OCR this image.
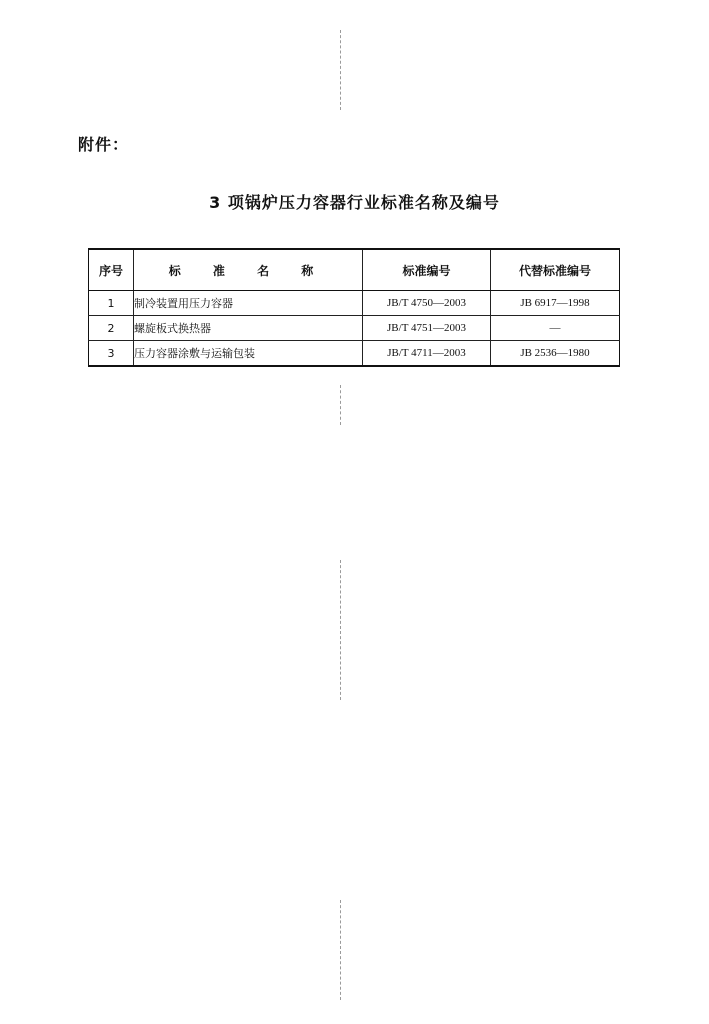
附件：
3 项锅炉压力容器行业标准名称及编号
序号	标 准 名 称	标准编号	代替标准编号
1	制冷装置用压力容器	JB/T 4750—2003	JB 6917—1998
2	螺旋板式换热器	JB/T 4751—2003	—
3	压力容器涂敷与运输包装	JB/T 4711—2003	JB 2536—1980
